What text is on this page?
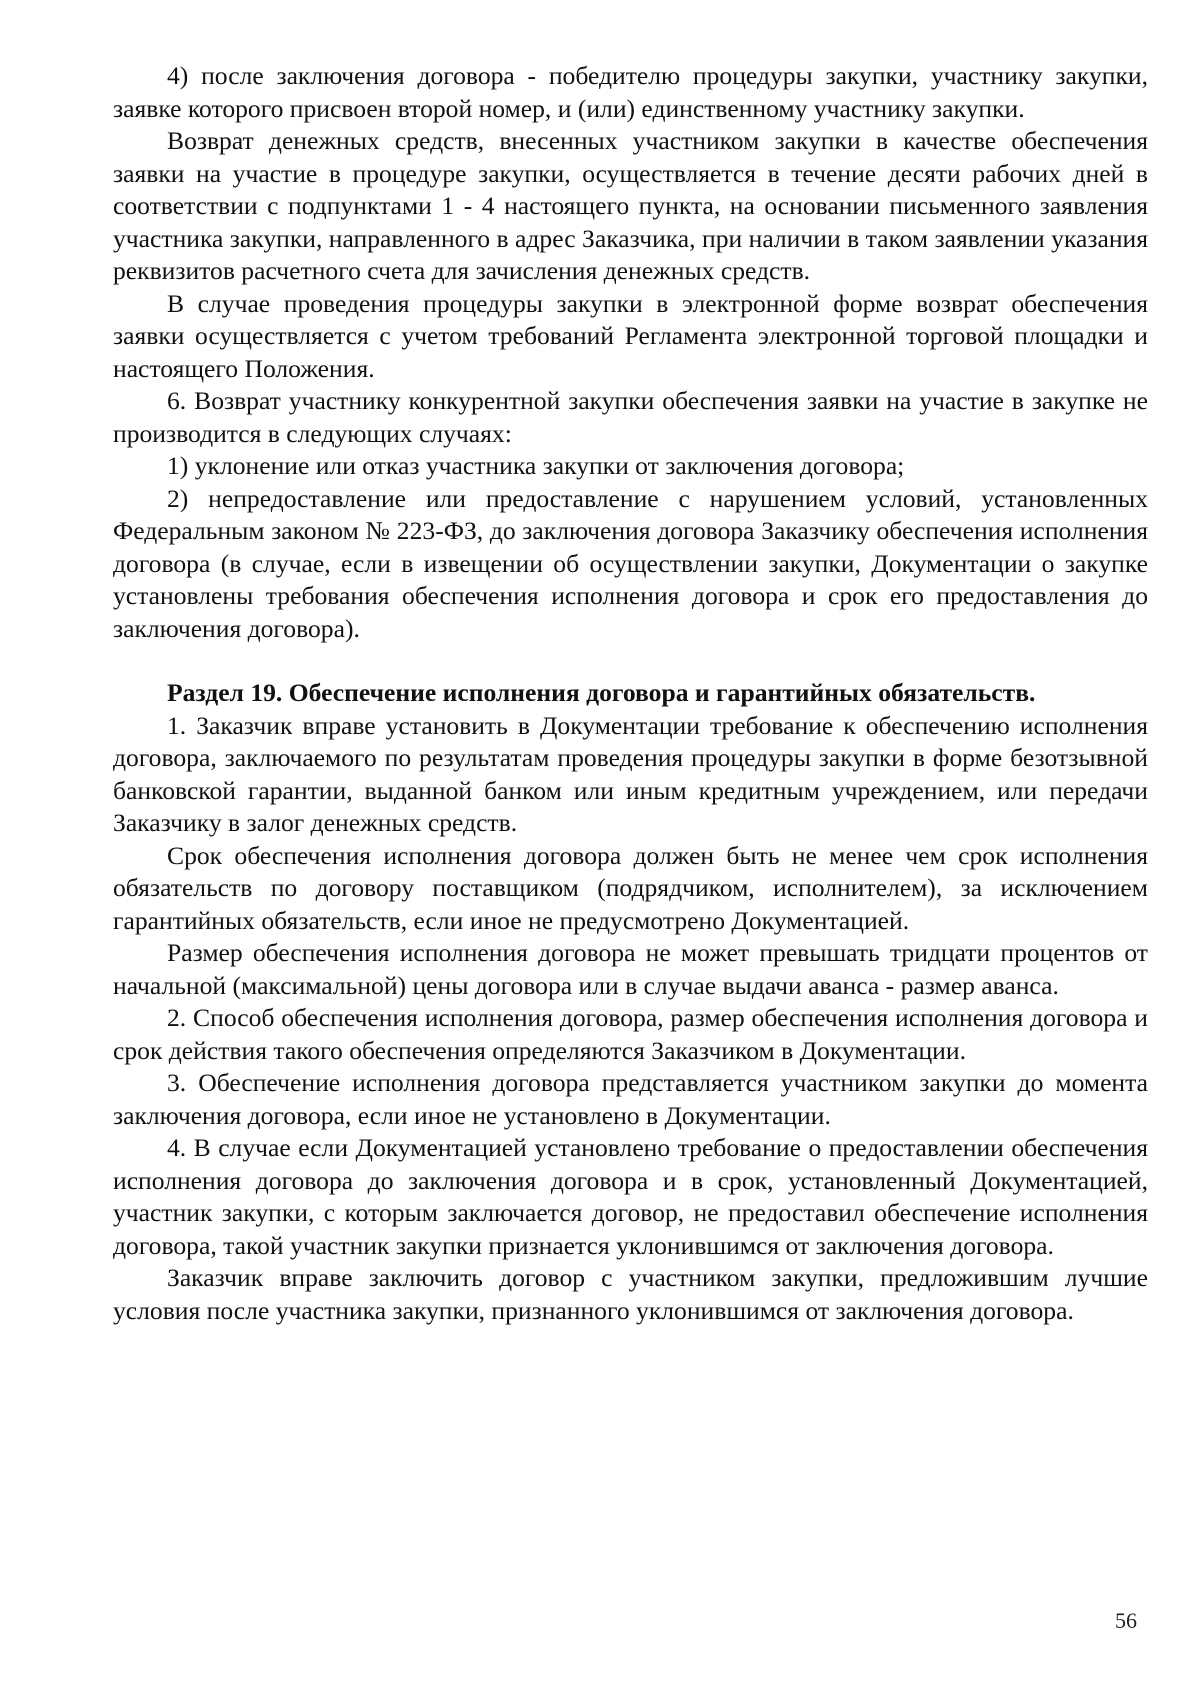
4) после заключения договора - победителю процедуры закупки, участнику закупки, заявке которого присвоен второй номер, и (или) единственному участнику закупки.

Возврат денежных средств, внесенных участником закупки в качестве обеспечения заявки на участие в процедуре закупки, осуществляется в течение десяти рабочих дней в соответствии с подпунктами 1 - 4 настоящего пункта, на основании письменного заявления участника закупки, направленного в адрес Заказчика, при наличии в таком заявлении указания реквизитов расчетного счета для зачисления денежных средств.

В случае проведения процедуры закупки в электронной форме возврат обеспечения заявки осуществляется с учетом требований Регламента электронной торговой площадки и настоящего Положения.

6. Возврат участнику конкурентной закупки обеспечения заявки на участие в закупке не производится в следующих случаях:

1) уклонение или отказ участника закупки от заключения договора;

2) непредоставление или предоставление с нарушением условий, установленных Федеральным законом № 223-ФЗ, до заключения договора Заказчику обеспечения исполнения договора (в случае, если в извещении об осуществлении закупки, Документации о закупке установлены требования обеспечения исполнения договора и срок его предоставления до заключения договора).

Раздел 19. Обеспечение исполнения договора и гарантийных обязательств.

1. Заказчик вправе установить в Документации требование к обеспечению исполнения договора, заключаемого по результатам проведения процедуры закупки в форме безотзывной банковской гарантии, выданной банком или иным кредитным учреждением, или передачи Заказчику в залог денежных средств.

Срок обеспечения исполнения договора должен быть не менее чем срок исполнения обязательств по договору поставщиком (подрядчиком, исполнителем), за исключением гарантийных обязательств, если иное не предусмотрено Документацией.

Размер обеспечения исполнения договора не может превышать тридцати процентов от начальной (максимальной) цены договора или в случае выдачи аванса - размер аванса.

2. Способ обеспечения исполнения договора, размер обеспечения исполнения договора и срок действия такого обеспечения определяются Заказчиком в Документации.

3. Обеспечение исполнения договора представляется участником закупки до момента заключения договора, если иное не установлено в Документации.

4. В случае если Документацией установлено требование о предоставлении обеспечения исполнения договора до заключения договора и в срок, установленный Документацией, участник закупки, с которым заключается договор, не предоставил обеспечение исполнения договора, такой участник закупки признается уклонившимся от заключения договора.

Заказчик вправе заключить договор с участником закупки, предложившим лучшие условия после участника закупки, признанного уклонившимся от заключения договора.

56
